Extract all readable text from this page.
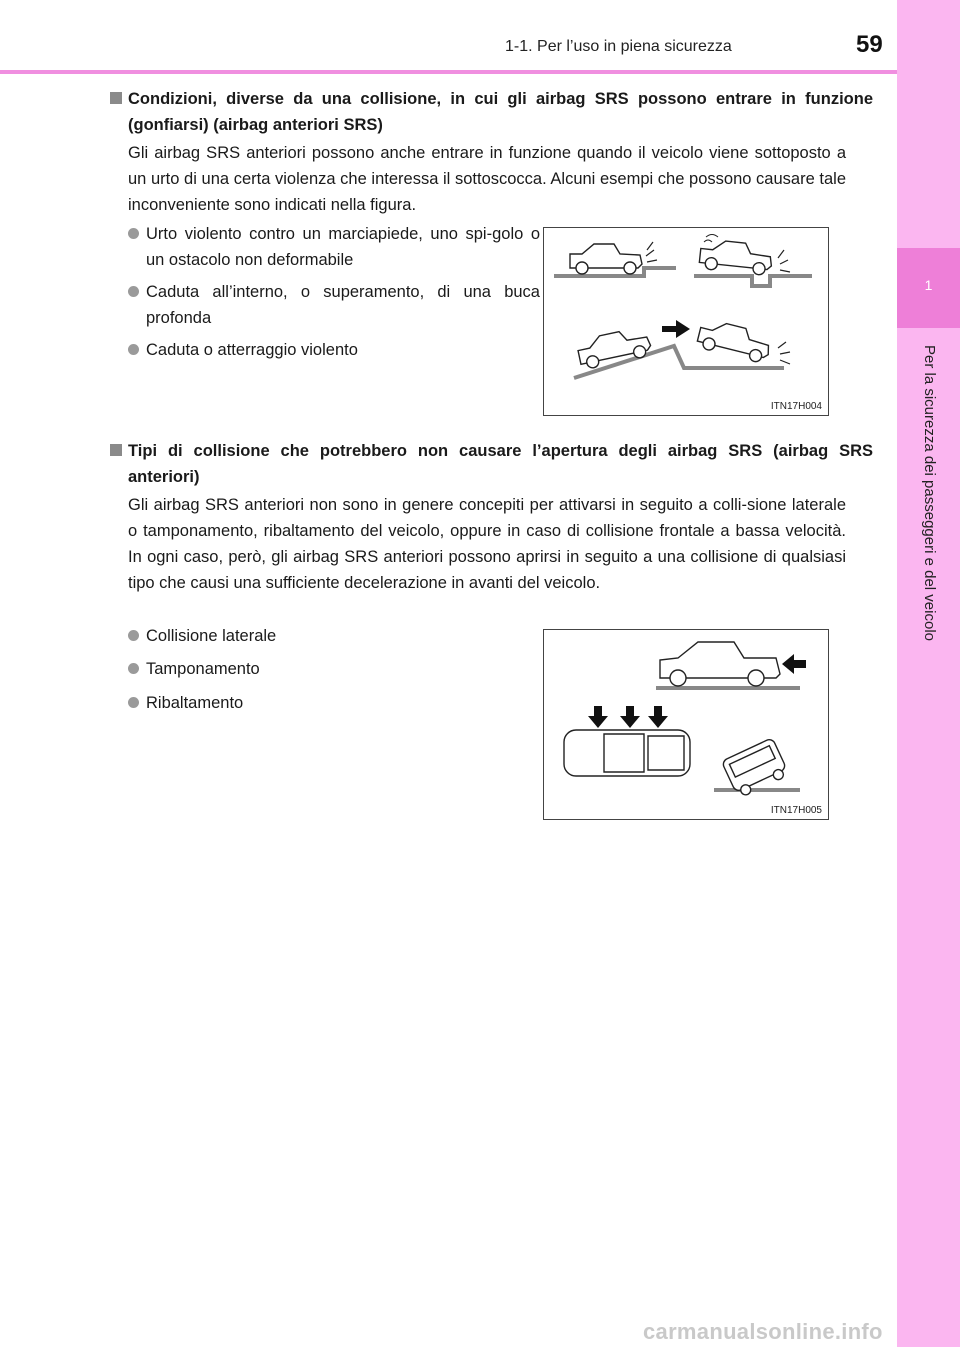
1-1. Per l’uso in piena sicurezza	59
1
Per la sicurezza dei passeggeri e del veicolo
Condizioni, diverse da una collisione, in cui gli airbag SRS possono entrare in funzione (gonfiarsi) (airbag anteriori SRS)
Gli airbag SRS anteriori possono anche entrare in funzione quando il veicolo viene sottoposto a un urto di una certa violenza che interessa il sottoscocca. Alcuni esempi che possono causare tale inconveniente sono indicati nella figura.
Urto violento contro un marciapiede, uno spi-golo o un ostacolo non deformabile
Caduta all’interno, o superamento, di una buca profonda
Caduta o atterraggio violento
ITN17H004
Tipi di collisione che potrebbero non causare l’apertura degli airbag SRS (airbag SRS anteriori)
Gli airbag SRS anteriori non sono in genere concepiti per attivarsi in seguito a colli-sione laterale o tamponamento, ribaltamento del veicolo, oppure in caso di collisione frontale a bassa velocità. In ogni caso, però, gli airbag SRS anteriori possono aprirsi in seguito a una collisione di qualsiasi tipo che causi una sufficiente decelerazione in avanti del veicolo.
Collisione laterale
Tamponamento
Ribaltamento
ITN17H005
carmanualsonline.info
